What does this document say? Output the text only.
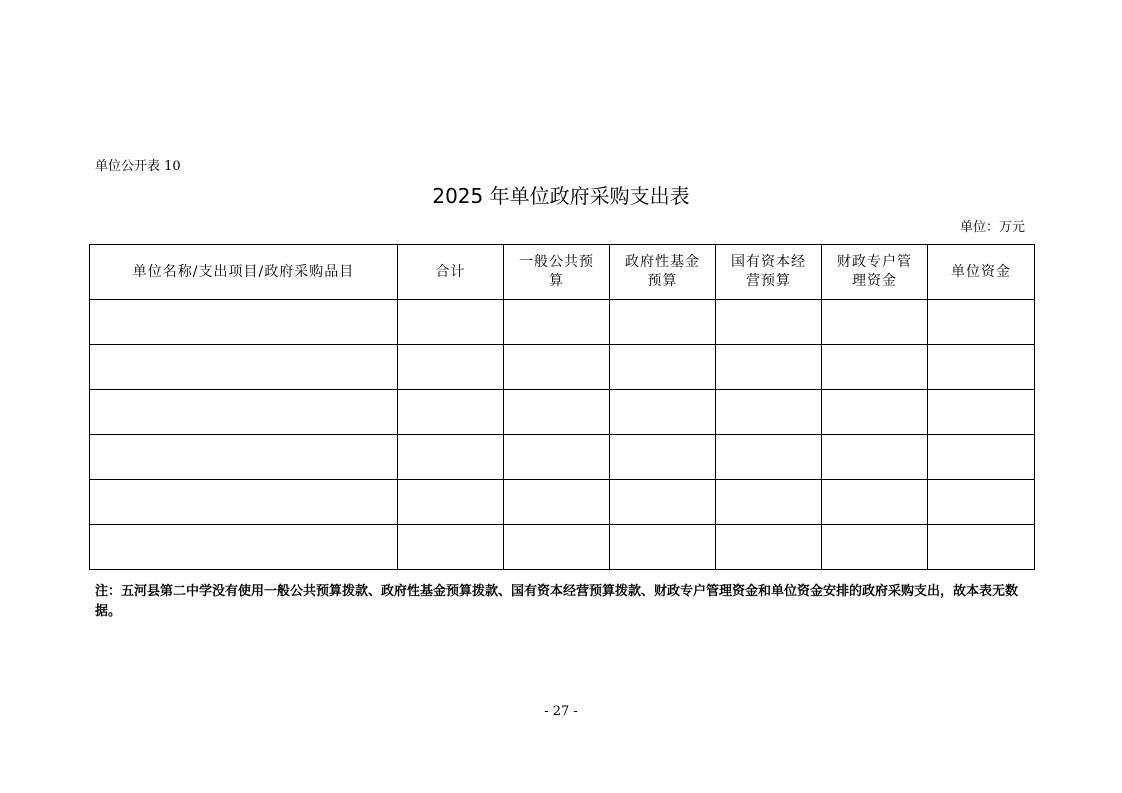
单位公开表 10
2025 年单位政府采购支出表
单位：万元
单位名称/支出项目/政府采购品目	合计	一般公共预算	政府性基金预算	国有资本经营预算	财政专户管理资金	单位资金

注：五河县第二中学没有使用一般公共预算拨款、政府性基金预算拨款、国有资本经营预算拨款、财政专户管理资金和单位资金安排的政府采购支出，故本表无数据。
- 27 -
